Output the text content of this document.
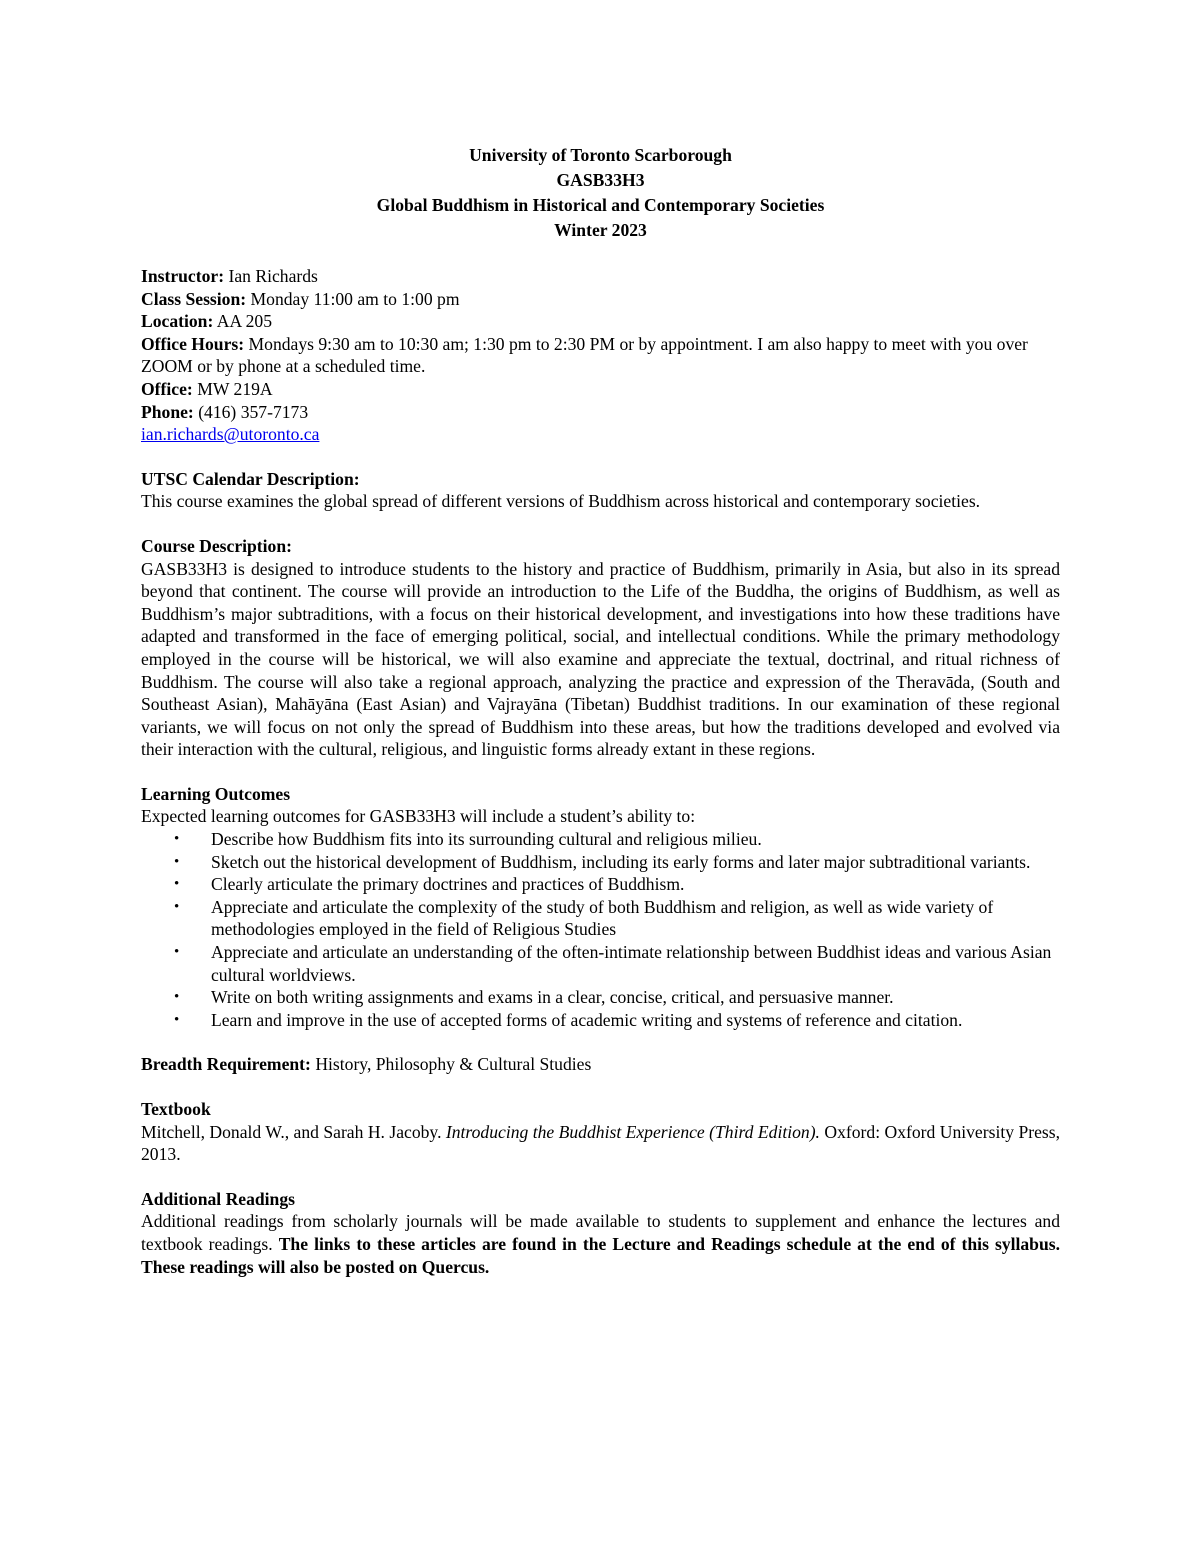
University of Toronto Scarborough
GASB33H3
Global Buddhism in Historical and Contemporary Societies
Winter 2023
Instructor: Ian Richards
Class Session: Monday 11:00 am to 1:00 pm
Location: AA 205
Office Hours: Mondays 9:30 am to 10:30 am; 1:30 pm to 2:30 PM or by appointment. I am also happy to meet with you over ZOOM or by phone at a scheduled time.
Office: MW 219A
Phone: (416) 357-7173
ian.richards@utoronto.ca
UTSC Calendar Description:
This course examines the global spread of different versions of Buddhism across historical and contemporary societies.
Course Description:
GASB33H3 is designed to introduce students to the history and practice of Buddhism, primarily in Asia, but also in its spread beyond that continent. The course will provide an introduction to the Life of the Buddha, the origins of Buddhism, as well as Buddhism’s major subtraditions, with a focus on their historical development, and investigations into how these traditions have adapted and transformed in the face of emerging political, social, and intellectual conditions. While the primary methodology employed in the course will be historical, we will also examine and appreciate the textual, doctrinal, and ritual richness of Buddhism. The course will also take a regional approach, analyzing the practice and expression of the Theravāda, (South and Southeast Asian), Mahāyāna (East Asian) and Vajrayāna (Tibetan) Buddhist traditions. In our examination of these regional variants, we will focus on not only the spread of Buddhism into these areas, but how the traditions developed and evolved via their interaction with the cultural, religious, and linguistic forms already extant in these regions.
Learning Outcomes
Expected learning outcomes for GASB33H3 will include a student’s ability to:
• Describe how Buddhism fits into its surrounding cultural and religious milieu.
• Sketch out the historical development of Buddhism, including its early forms and later major subtraditional variants.
• Clearly articulate the primary doctrines and practices of Buddhism.
• Appreciate and articulate the complexity of the study of both Buddhism and religion, as well as wide variety of methodologies employed in the field of Religious Studies
• Appreciate and articulate an understanding of the often-intimate relationship between Buddhist ideas and various Asian cultural worldviews.
• Write on both writing assignments and exams in a clear, concise, critical, and persuasive manner.
• Learn and improve in the use of accepted forms of academic writing and systems of reference and citation.
Breadth Requirement: History, Philosophy & Cultural Studies
Textbook
Mitchell, Donald W., and Sarah H. Jacoby. Introducing the Buddhist Experience (Third Edition). Oxford: Oxford University Press, 2013.
Additional Readings
Additional readings from scholarly journals will be made available to students to supplement and enhance the lectures and textbook readings. The links to these articles are found in the Lecture and Readings schedule at the end of this syllabus. These readings will also be posted on Quercus.
